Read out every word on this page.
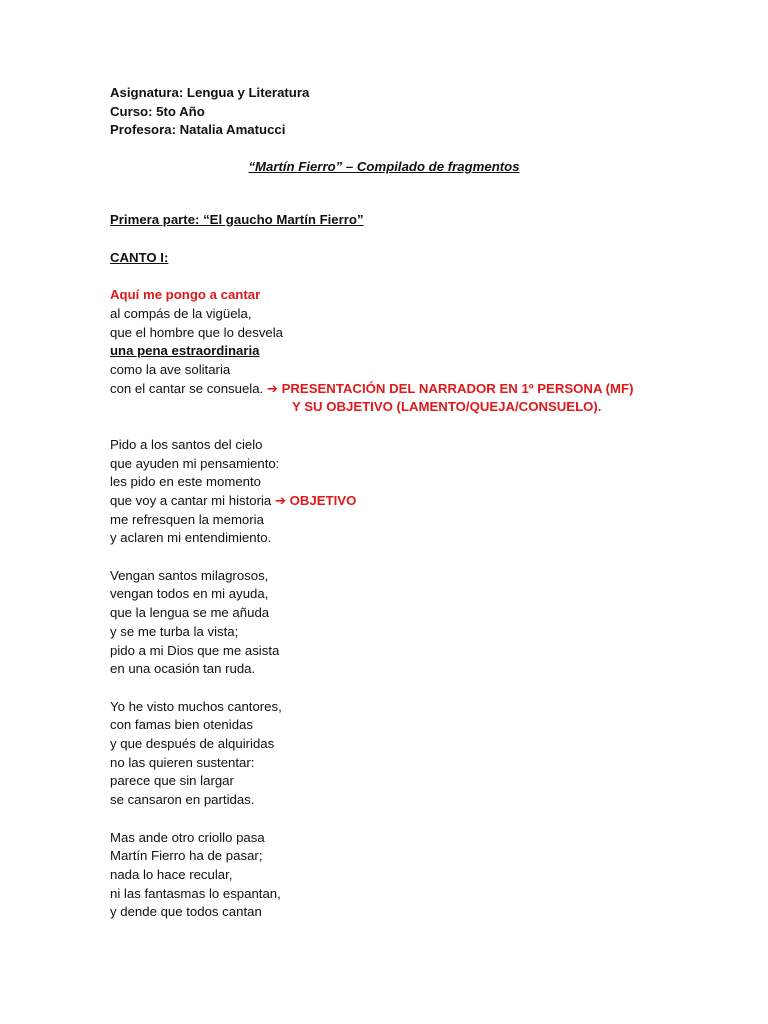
Asignatura: Lengua y Literatura
Curso: 5to Año
Profesora: Natalia Amatucci
“Martín Fierro” – Compilado de fragmentos
Primera parte: “El gaucho Martín Fierro”
CANTO I:
Aquí me pongo a cantar
al compás de la vigüela,
que el hombre que lo desvela
una pena estraordinaria
como la ave solitaria
con el cantar se consuela. ➔ PRESENTACIÓN DEL NARRADOR EN 1º PERSONA (MF)
Y SU OBJETIVO (LAMENTO/QUEJA/CONSUELO).
Pido a los santos del cielo
que ayuden mi pensamiento:
les pido en este momento
que voy a cantar mi historia ➔ OBJETIVO
me refresquen la memoria
y aclaren mi entendimiento.
Vengan santos milagrosos,
vengan todos en mi ayuda,
que la lengua se me añuda
y se me turba la vista;
pido a mi Dios que me asista
en una ocasión tan ruda.
Yo he visto muchos cantores,
con famas bien otenidas
y que después de alquiridas
no las quieren sustentar:
parece que sin largar
se cansaron en partidas.
Mas ande otro criollo pasa
Martín Fierro ha de pasar;
nada lo hace recular,
ni las fantasmas lo espantan,
y dende que todos cantan
